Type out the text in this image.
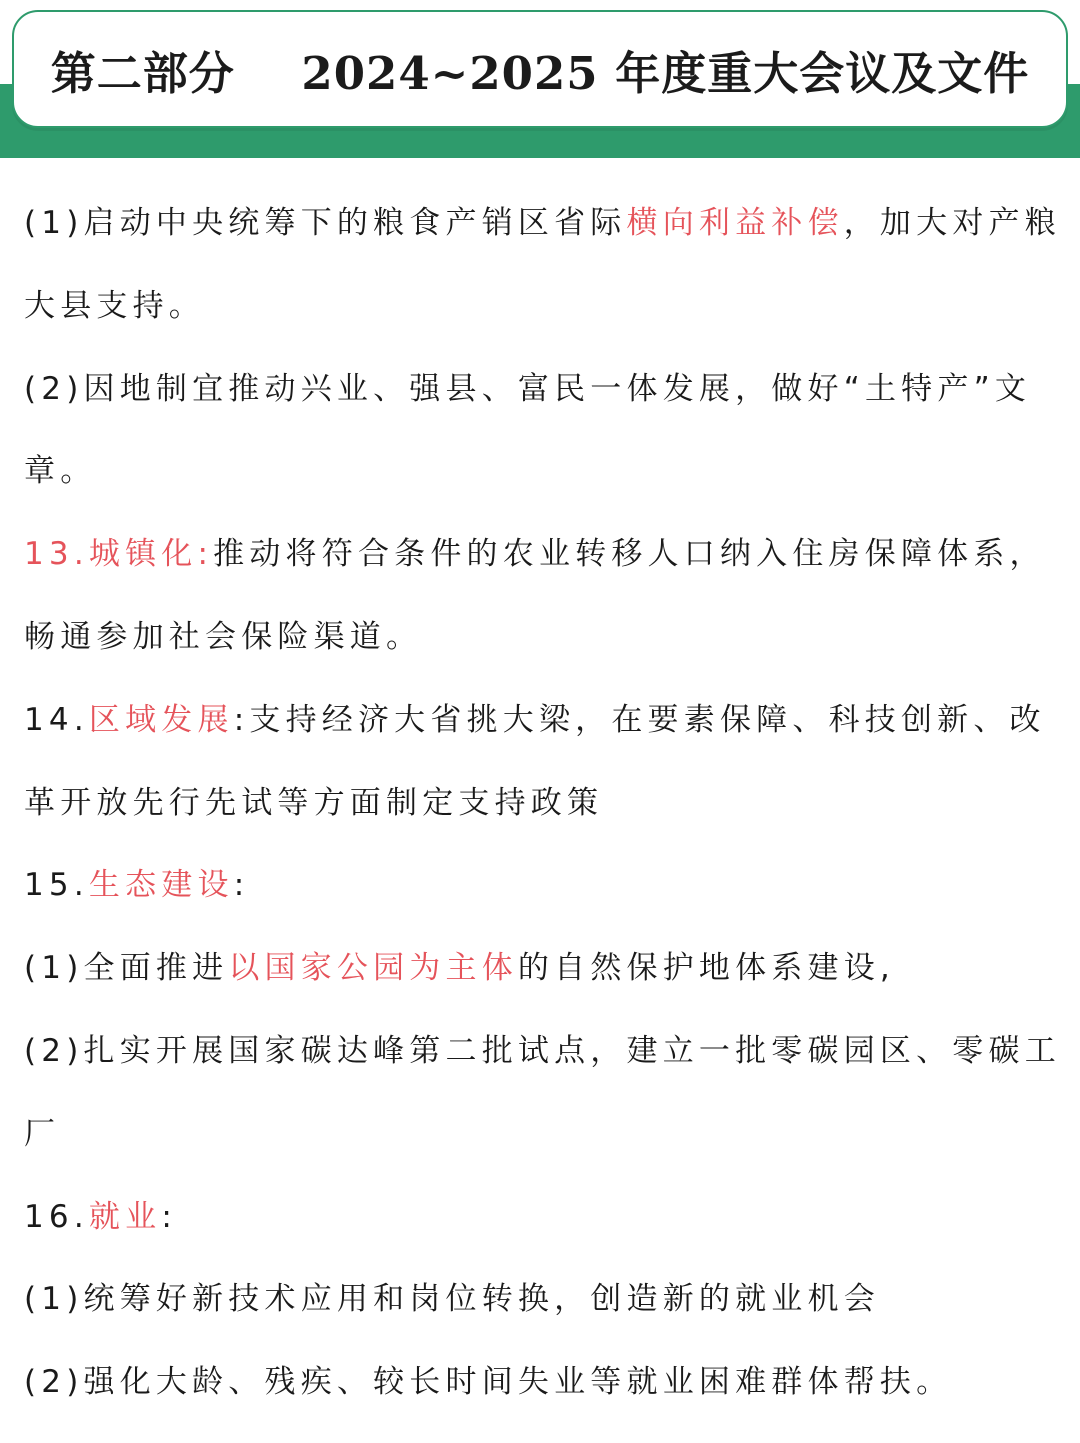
第二部分
2024~2025 年度重大会议及文件
(1)启动中央统筹下的粮食产销区省际横向利益补偿，加大对产粮
大县支持。
(2)因地制宜推动兴业、强县、富民一体发展，做好“土特产”文
章。
13.城镇化:推动将符合条件的农业转移人口纳入住房保障体系，
畅通参加社会保险渠道。
14.区域发展:支持经济大省挑大梁，在要素保障、科技创新、改
革开放先行先试等方面制定支持政策
15.生态建设:
(1)全面推进以国家公园为主体的自然保护地体系建设,
(2)扎实开展国家碳达峰第二批试点，建立一批零碳园区、零碳工
厂
16.就业:
(1)统筹好新技术应用和岗位转换，创造新的就业机会
(2)强化大龄、残疾、较长时间失业等就业困难群体帮扶。
